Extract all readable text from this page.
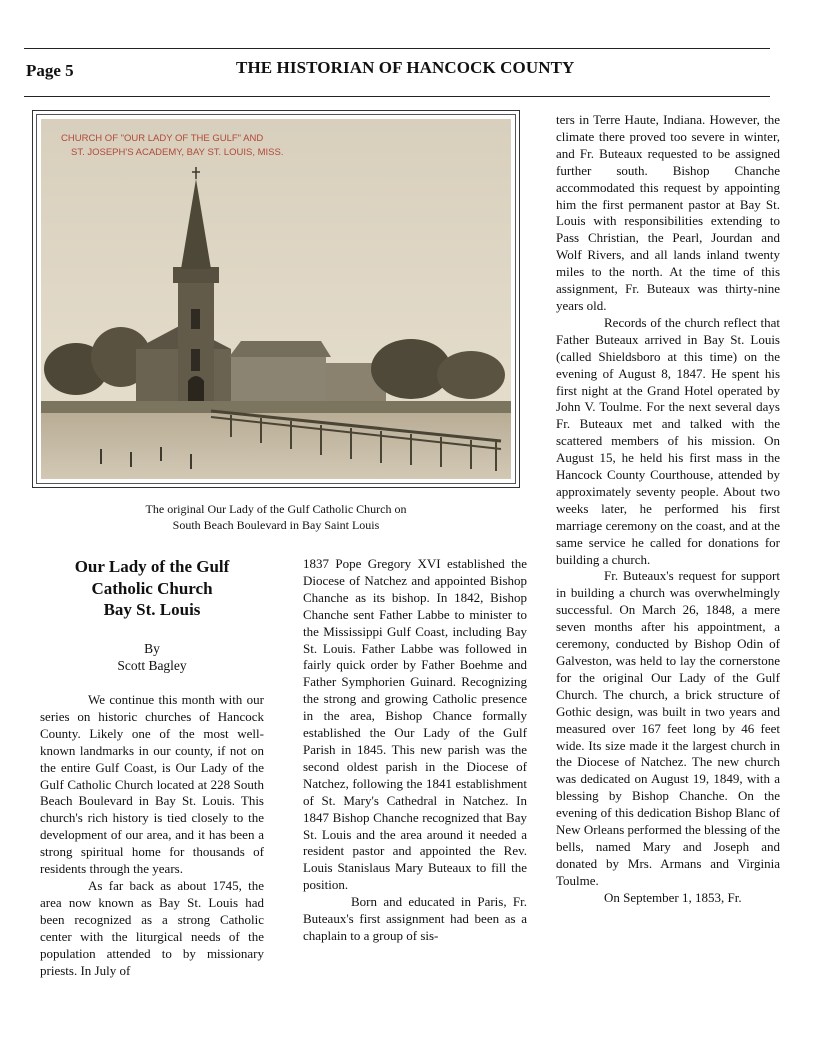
Page 5	THE HISTORIAN OF HANCOCK COUNTY
CHURCH OF "OUR LADY OF THE GULF" AND
ST. JOSEPH'S ACADEMY, BAY ST. LOUIS, MISS.
The original Our Lady of the Gulf Catholic Church on
South Beach Boulevard in Bay Saint Louis
Our Lady of the Gulf
Catholic Church
Bay St. Louis
By
Scott Bagley

We continue this month with our series on historic churches of Hancock County. Likely one of the most well-known landmarks in our county, if not on the entire Gulf Coast, is Our Lady of the Gulf Catholic Church located at 228 South Beach Boulevard in Bay St. Louis. This church's rich history is tied closely to the development of our area, and it has been a strong spiritual home for thousands of residents through the years.

As far back as about 1745, the area now known as Bay St. Louis had been recognized as a strong Catholic center with the liturgical needs of the population attended to by missionary priests. In July of

1837 Pope Gregory XVI established the Diocese of Natchez and appointed Bishop Chanche as its bishop. In 1842, Bishop Chanche sent Father Labbe to minister to the Mississippi Gulf Coast, including Bay St. Louis. Father Labbe was followed in fairly quick order by Father Boehme and Father Symphorien Guinard. Recognizing the strong and growing Catholic presence in the area, Bishop Chance formally established the Our Lady of the Gulf Parish in 1845. This new parish was the second oldest parish in the Diocese of Natchez, following the 1841 establishment of St. Mary's Cathedral in Natchez. In 1847 Bishop Chanche recognized that Bay St. Louis and the area around it needed a resident pastor and appointed the Rev. Louis Stanislaus Mary Buteaux to fill the position.

Born and educated in Paris, Fr. Buteaux's first assignment had been as a chaplain to a group of sis-

ters in Terre Haute, Indiana. However, the climate there proved too severe in winter, and Fr. Buteaux requested to be assigned further south. Bishop Chanche accommodated this request by appointing him the first permanent pastor at Bay St. Louis with responsibilities extending to Pass Christian, the Pearl, Jourdan and Wolf Rivers, and all lands inland twenty miles to the north. At the time of this assignment, Fr. Buteaux was thirty-nine years old.

Records of the church reflect that Father Buteaux arrived in Bay St. Louis (called Shieldsboro at this time) on the evening of August 8, 1847. He spent his first night at the Grand Hotel operated by John V. Toulme. For the next several days Fr. Buteaux met and talked with the scattered members of his mission. On August 15, he held his first mass in the Hancock County Courthouse, attended by approximately seventy people. About two weeks later, he performed his first marriage ceremony on the coast, and at the same service he called for donations for building a church.

Fr. Buteaux's request for support in building a church was overwhelmingly successful. On March 26, 1848, a mere seven months after his appointment, a ceremony, conducted by Bishop Odin of Galveston, was held to lay the cornerstone for the original Our Lady of the Gulf Church. The church, a brick structure of Gothic design, was built in two years and measured over 167 feet long by 46 feet wide. Its size made it the largest church in the Diocese of Natchez. The new church was dedicated on August 19, 1849, with a blessing by Bishop Chanche. On the evening of this dedication Bishop Blanc of New Orleans performed the blessing of the bells, named Mary and Joseph and donated by Mrs. Armans and Virginia Toulme.

On September 1, 1853, Fr.
